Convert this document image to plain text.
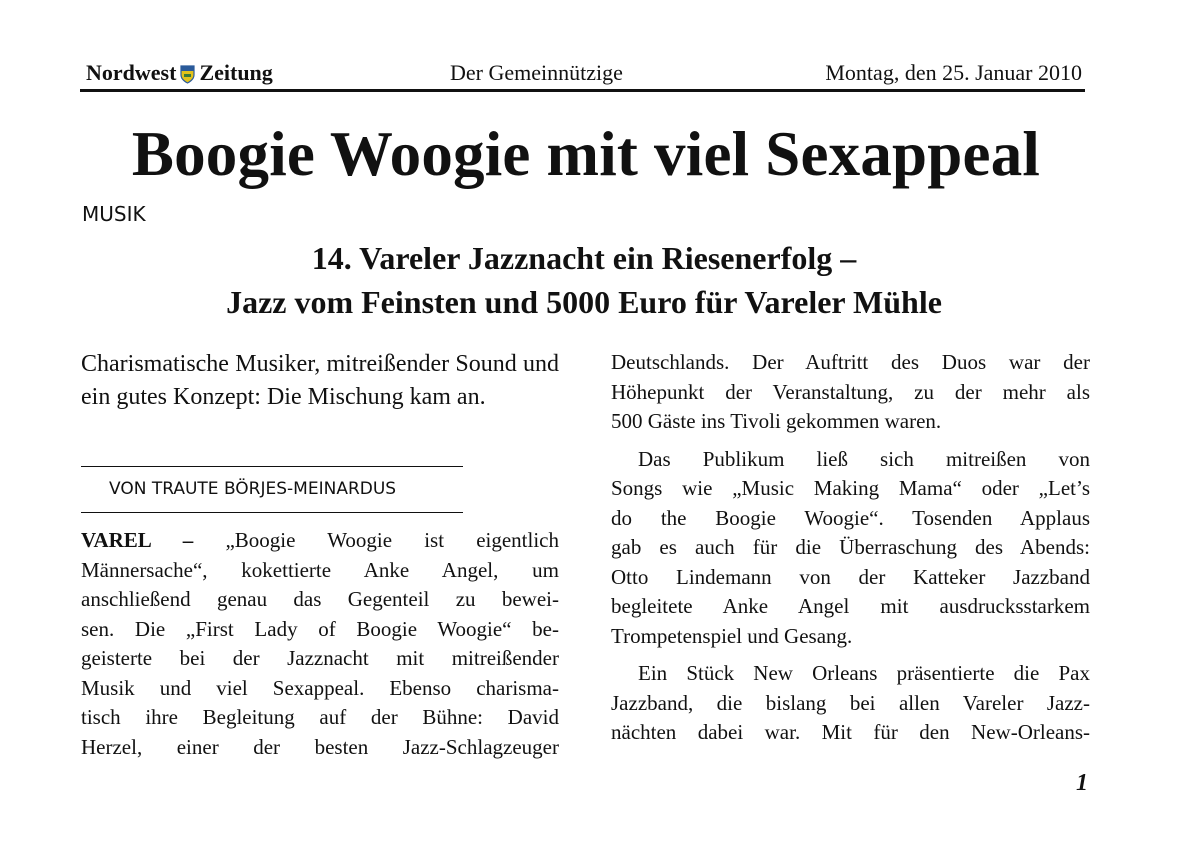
Nordwest Zeitung	Der Gemeinnützige	Montag, den 25. Januar 2010
Boogie Woogie mit viel Sexappeal
MUSIK
14. Vareler Jazznacht ein Riesenerfolg –
Jazz vom Feinsten und 5000 Euro für Vareler Mühle

Charismatische Musiker, mitreißender Sound und ein gutes Konzept: Die Mischung kam an.

VON TRAUTE BÖRJES-MEINARDUS
VAREL – „Boogie Woogie ist eigentlich
Männersache“, kokettierte Anke Angel, um
anschließend genau das Gegenteil zu bewei-
sen. Die „First Lady of Boogie Woogie“ be-
geisterte bei der Jazznacht mit mitreißender
Musik und viel Sexappeal. Ebenso charisma-
tisch ihre Begleitung auf der Bühne: David
Herzel, einer der besten Jazz-Schlagzeuger
Deutschlands. Der Auftritt des Duos war der
Höhepunkt der Veranstaltung, zu der mehr als
500 Gäste ins Tivoli gekommen waren.
Das Publikum ließ sich mitreißen von
Songs wie „Music Making Mama“ oder „Let’s
do the Boogie Woogie“. Tosenden Applaus
gab es auch für die Überraschung des Abends:
Otto Lindemann von der Katteker Jazzband
begleitete Anke Angel mit ausdrucksstarkem
Trompetenspiel und Gesang.
Ein Stück New Orleans präsentierte die Pax
Jazzband, die bislang bei allen Vareler Jazz-
nächten dabei war. Mit für den New-Orleans-
1
